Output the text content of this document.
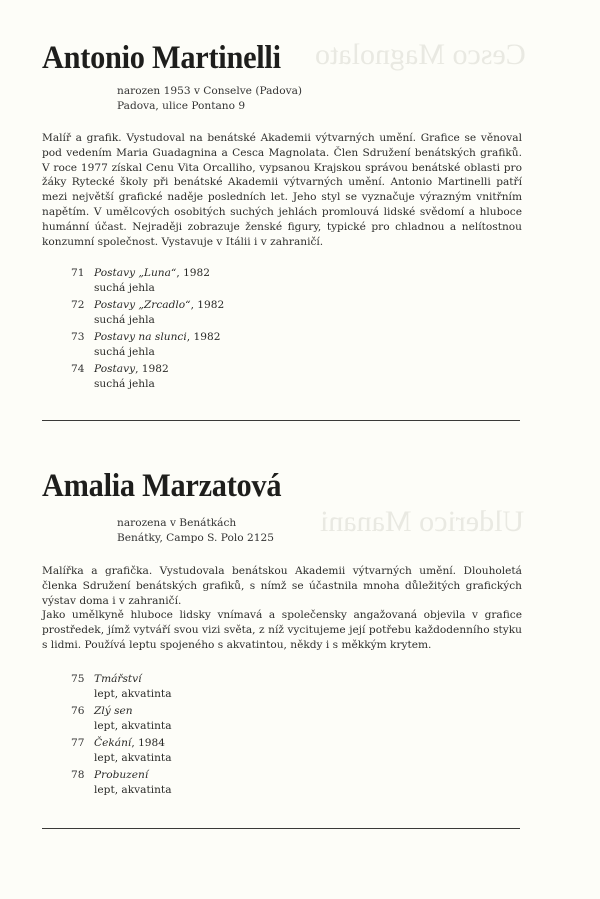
Cesco Magnolato
Ulderico Manani
Antonio Martinelli
narozen 1953 v Conselve (Padova)
Padova, ulice Pontano 9

Malíř a grafik. Vystudoval na benátské Akademii výtvarných umění. Grafice se věnoval pod vedením Maria Guadagnina a Cesca Magnolata. Člen Sdružení benátských grafiků. V roce 1977 získal Cenu Vita Orcalliho, vypsanou Krajskou správou benátské oblasti pro žáky Rytecké školy při benátské Akademii výtvarných umění. Antonio Martinelli patří mezi největší grafické naděje posledních let. Jeho styl se vyznačuje výrazným vnitřním napětím. V umělcových osobitých suchých jehlách promlouvá lidské svědomí a hluboce humánní účast. Nejraději zobrazuje ženské figury, typické pro chladnou a nelítostnou konzumní společnost. Vystavuje v Itálii i v zahraničí.

71 Postavy „Luna“, 1982
suchá jehla
72 Postavy „Zrcadlo“, 1982
suchá jehla
73 Postavy na slunci, 1982
suchá jehla
74 Postavy, 1982
suchá jehla
Amalia Marzatová
narozena v Benátkách
Benátky, Campo S. Polo 2125

Malířka a grafička. Vystudovala benátskou Akademii výtvarných umění. Dlouholetá členka Sdružení benátských grafiků, s nímž se účastnila mnoha důležitých grafických výstav doma i v zahraničí.

Jako umělkyně hluboce lidsky vnímavá a společensky angažovaná objevila v grafice prostředek, jímž vytváří svou vizi světa, z níž vycitujeme její potřebu každodenního styku s lidmi. Používá leptu spojeného s akvatintou, někdy i s měkkým krytem.

75 Tmářství
lept, akvatinta
76 Zlý sen
lept, akvatinta
77 Čekání, 1984
lept, akvatinta
78 Probuzení
lept, akvatinta
